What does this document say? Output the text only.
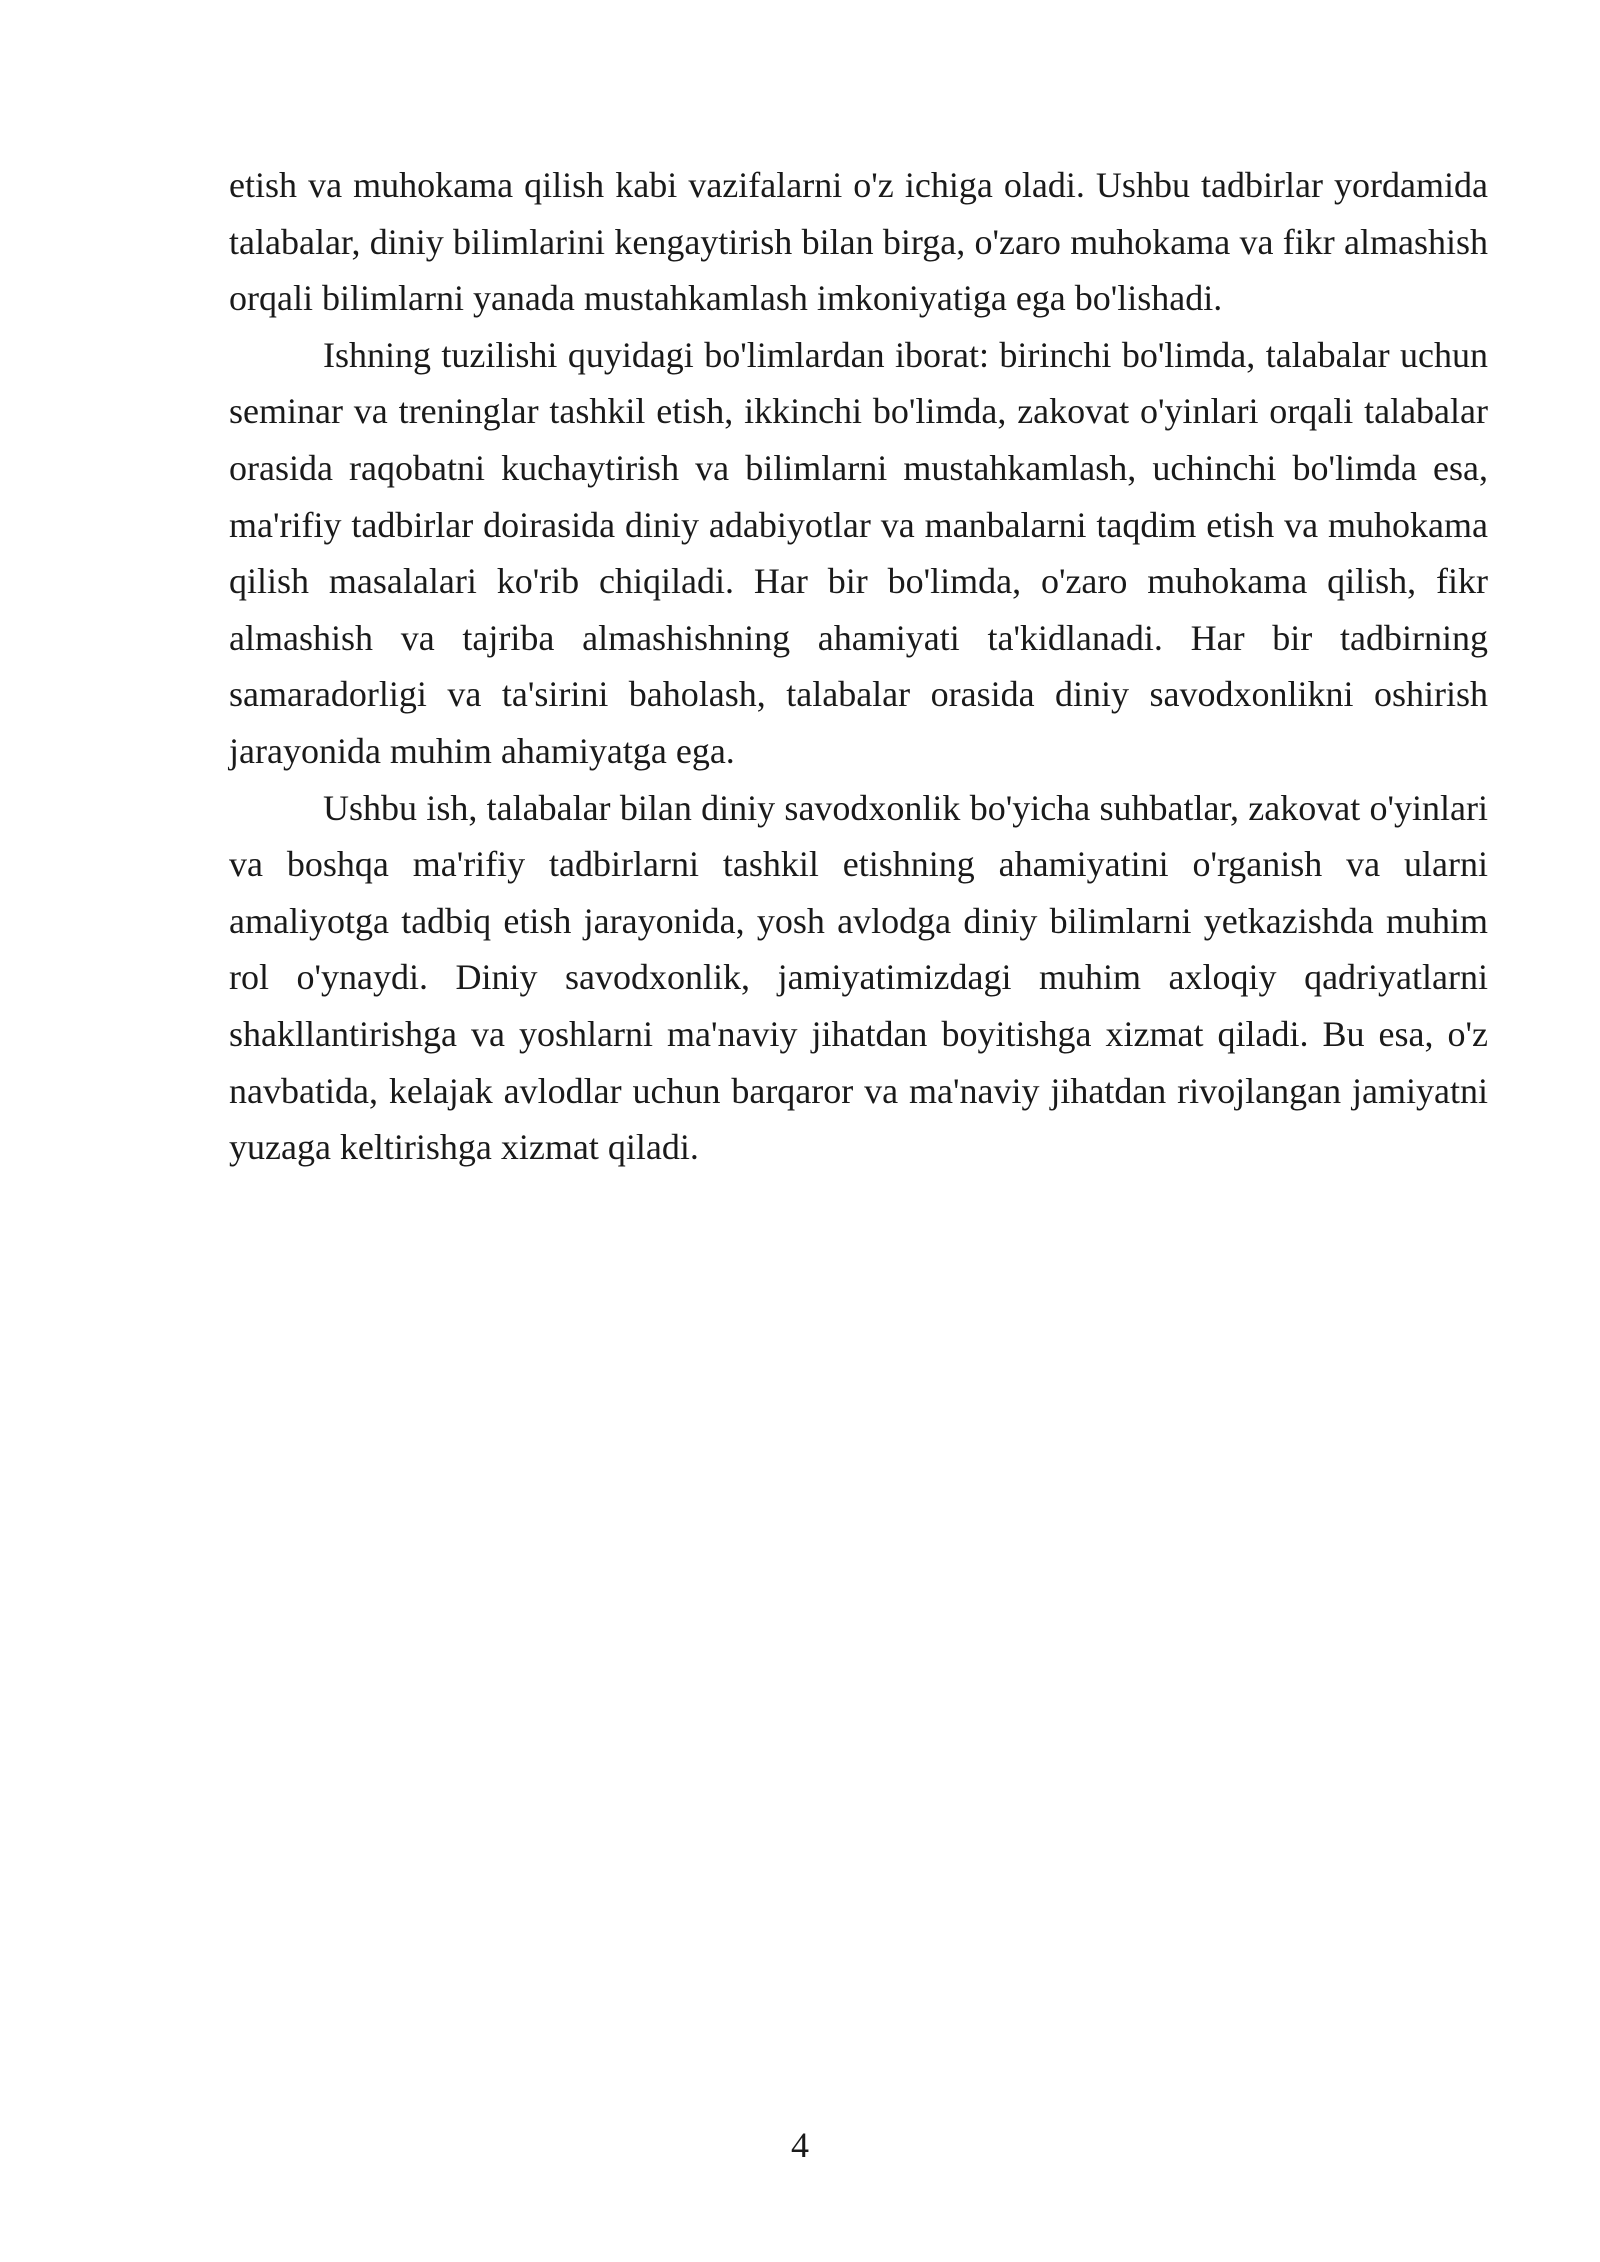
etish va muhokama qilish kabi vazifalarni o'z ichiga oladi. Ushbu tadbirlar yordamida talabalar, diniy bilimlarini kengaytirish bilan birga, o'zaro muhokama va fikr almashish orqali bilimlarni yanada mustahkamlash imkoniyatiga ega bo'lishadi.

Ishning tuzilishi quyidagi bo'limlardan iborat: birinchi bo'limda, talabalar uchun seminar va treninglar tashkil etish, ikkinchi bo'limda, zakovat o'yinlari orqali talabalar orasida raqobatni kuchaytirish va bilimlarni mustahkamlash, uchinchi bo'limda esa, ma'rifiy tadbirlar doirasida diniy adabiyotlar va manbalarni taqdim etish va muhokama qilish masalalari ko'rib chiqiladi. Har bir bo'limda, o'zaro muhokama qilish, fikr almashish va tajriba almashishning ahamiyati ta'kidlanadi. Har bir tadbirning samaradorligi va ta'sirini baholash, talabalar orasida diniy savodxonlikni oshirish jarayonida muhim ahamiyatga ega.

Ushbu ish, talabalar bilan diniy savodxonlik bo'yicha suhbatlar, zakovat o'yinlari va boshqa ma'rifiy tadbirlarni tashkil etishning ahamiyatini o'rganish va ularni amaliyotga tadbiq etish jarayonida, yosh avlodga diniy bilimlarni yetkazishda muhim rol o'ynaydi. Diniy savodxonlik, jamiyatimizdagi muhim axloqiy qadriyatlarni shakllantirishga va yoshlarni ma'naviy jihatdan boyitishga xizmat qiladi. Bu esa, o'z navbatida, kelajak avlodlar uchun barqaror va ma'naviy jihatdan rivojlangan jamiyatni yuzaga keltirishga xizmat qiladi.

4
